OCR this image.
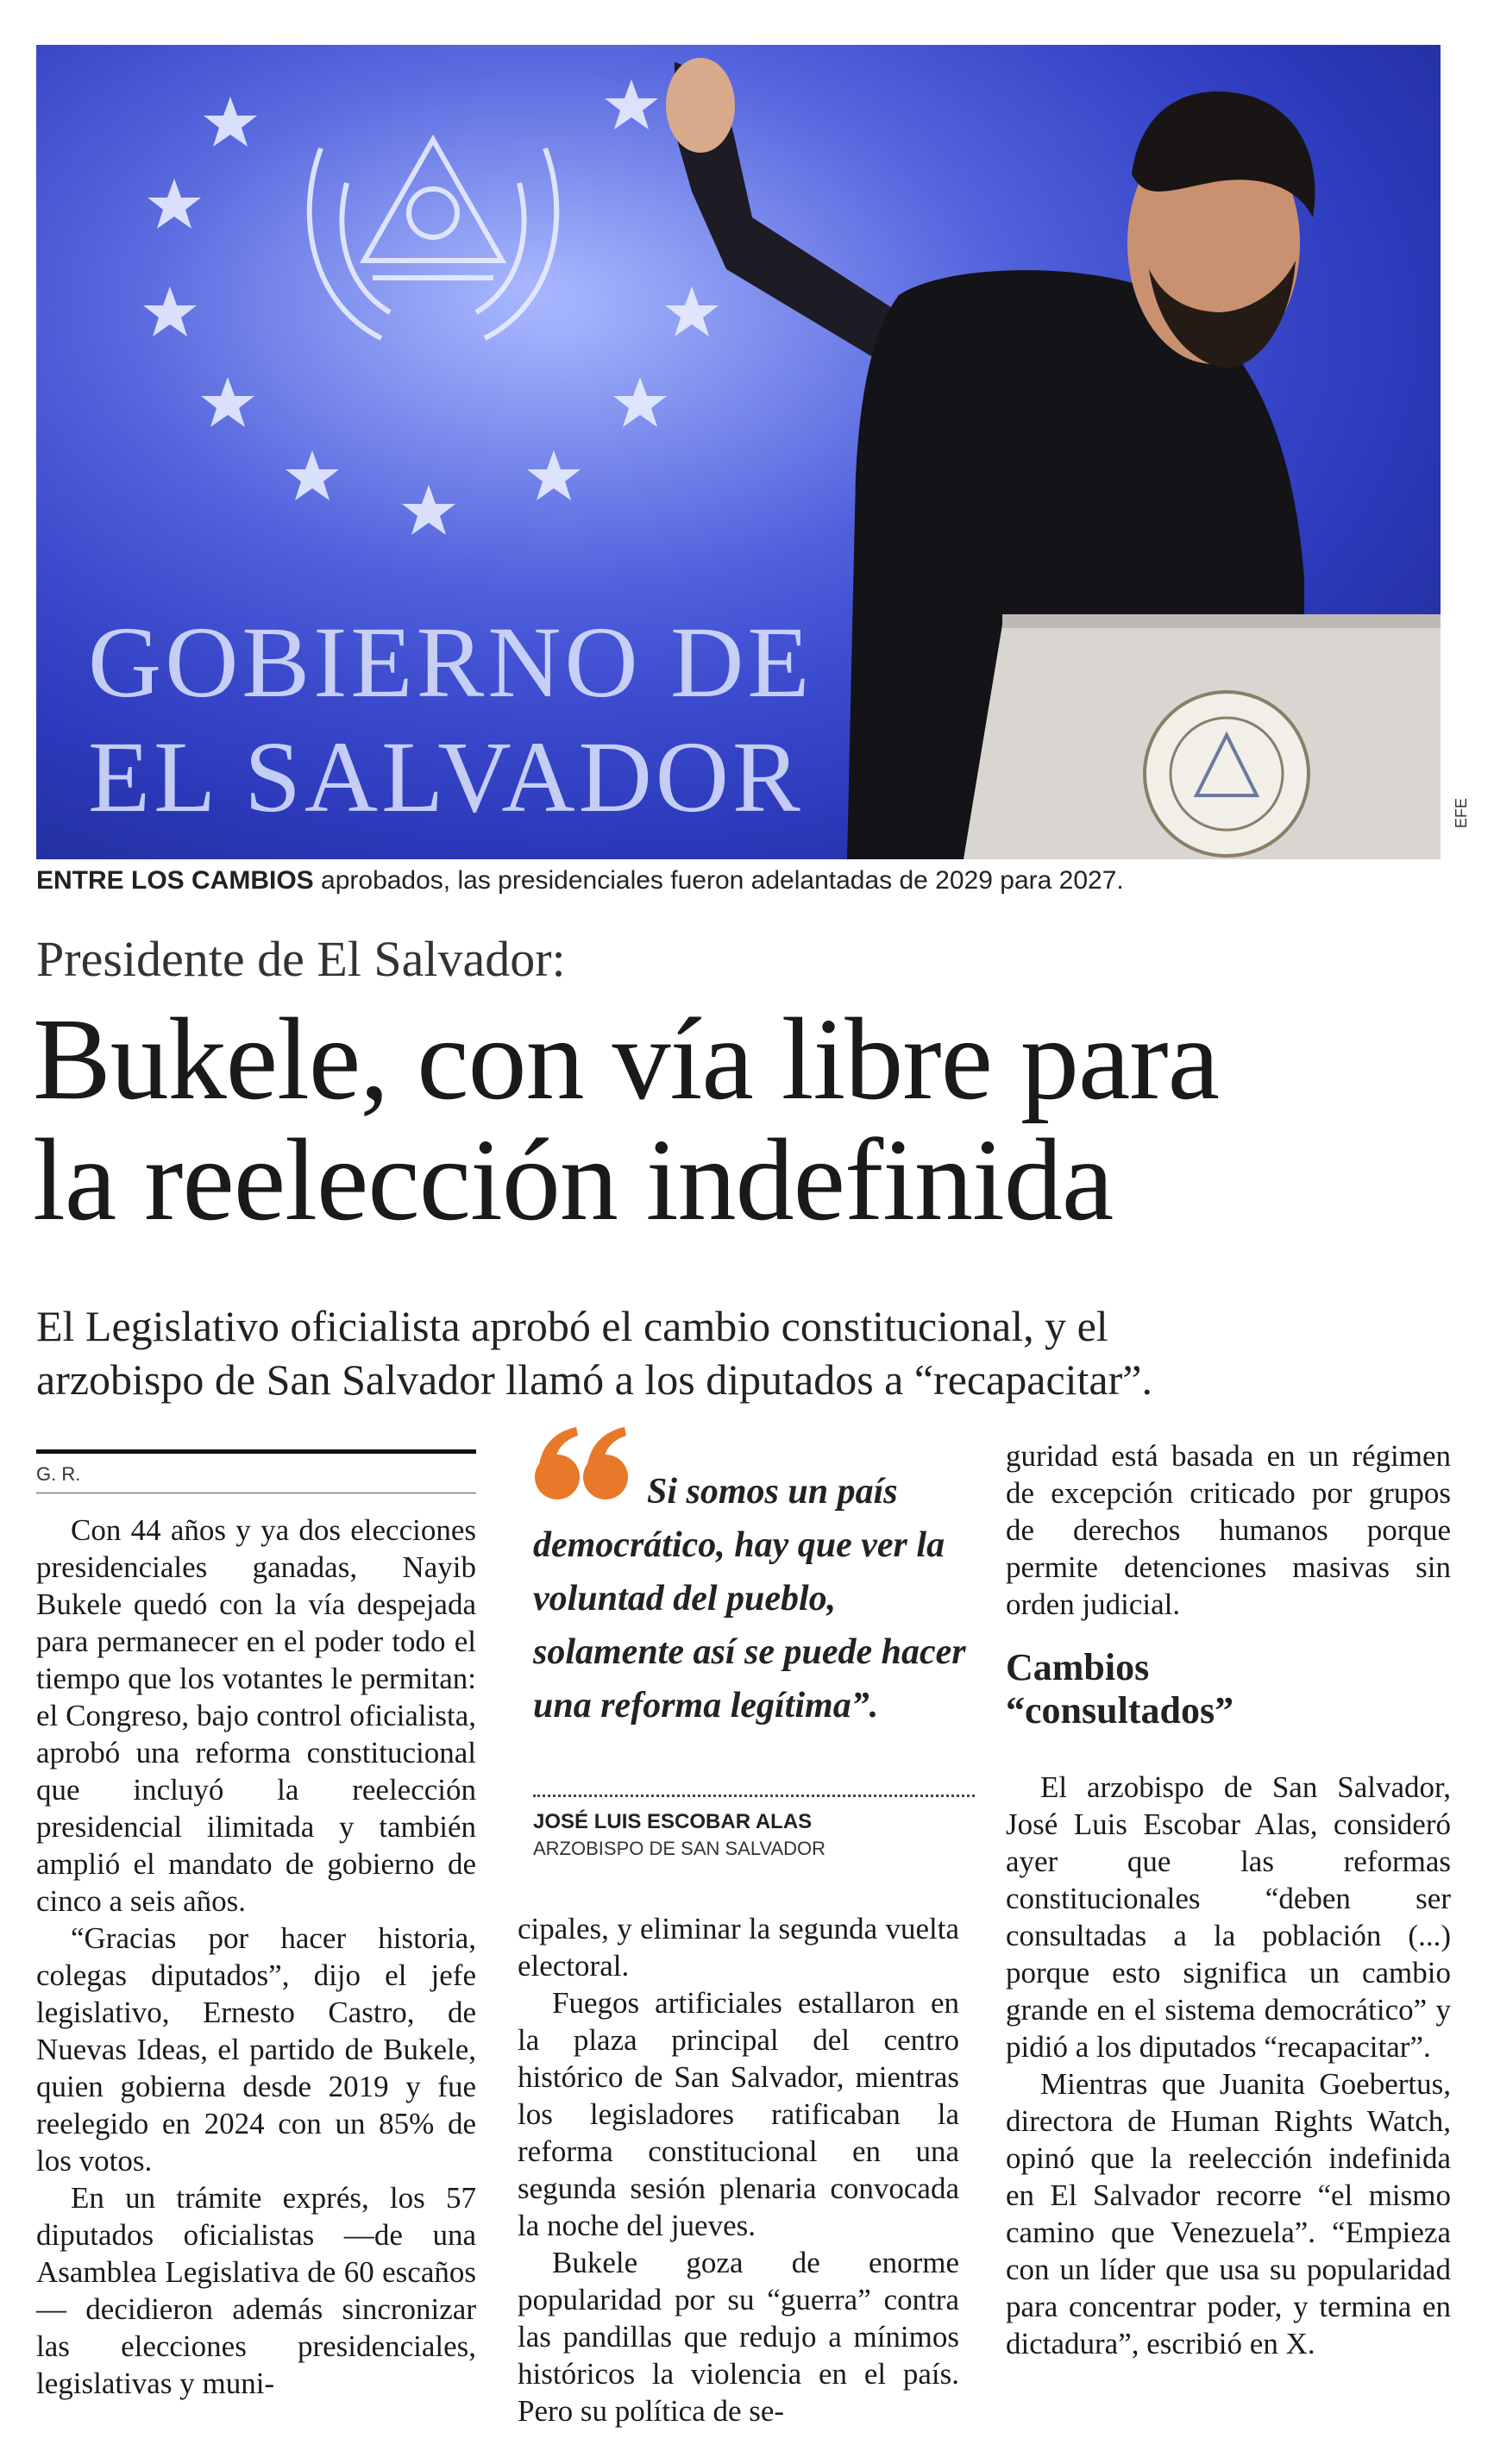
GOBIERNO DE
EL SALVADOR	EFE
ENTRE LOS CAMBIOS aprobados, las presidenciales fueron adelantadas de 2029 para 2027.
Presidente de El Salvador:
Bukele, con vía libre para
la reelección indefinida
El Legislativo oficialista aprobó el cambio constitucional, y el
arzobispo de San Salvador llamó a los diputados a “recapacitar”.
G. R.

Con 44 años y ya dos elecciones presidenciales ganadas, Nayib Bukele quedó con la vía despejada para permanecer en el poder todo el tiempo que los votantes le permitan: el Congreso, bajo control oficialista, aprobó una reforma constitucional que incluyó la reelección presidencial ilimitada y también amplió el mandato de gobierno de cinco a seis años.

“Gracias por hacer historia, colegas diputados”, dijo el jefe legislativo, Ernesto Castro, de Nuevas Ideas, el partido de Bukele, quien gobierna desde 2019 y fue reelegido en 2024 con un 85% de los votos.

En un trámite exprés, los 57 diputados oficialistas —de una Asamblea Legislativa de 60 escaños— decidieron además sincronizar las elecciones presidenciales, legislativas y muni-

Si somos un país democrático, hay que ver la voluntad del pueblo, solamente así se puede hacer una reforma legítima”.
JOSÉ LUIS ESCOBAR ALAS
ARZOBISPO DE SAN SALVADOR

cipales, y eliminar la segunda vuelta electoral.

Fuegos artificiales estallaron en la plaza principal del centro histórico de San Salvador, mientras los legisladores ratificaban la reforma constitucional en una segunda sesión plenaria convocada la noche del jueves.

Bukele goza de enorme popularidad por su “guerra” contra las pandillas que redujo a mínimos históricos la violencia en el país. Pero su política de se-

guridad está basada en un régimen de excepción criticado por grupos de derechos humanos porque permite detenciones masivas sin orden judicial.

Cambios
“consultados”

El arzobispo de San Salvador, José Luis Escobar Alas, consideró ayer que las reformas constitucionales “deben ser consultadas a la población (...) porque esto significa un cambio grande en el sistema democrático” y pidió a los diputados “recapacitar”.

Mientras que Juanita Goebertus, directora de Human Rights Watch, opinó que la reelección indefinida en El Salvador recorre “el mismo camino que Venezuela”. “Empieza con un líder que usa su popularidad para concentrar poder, y termina en dictadura”, escribió en X.
